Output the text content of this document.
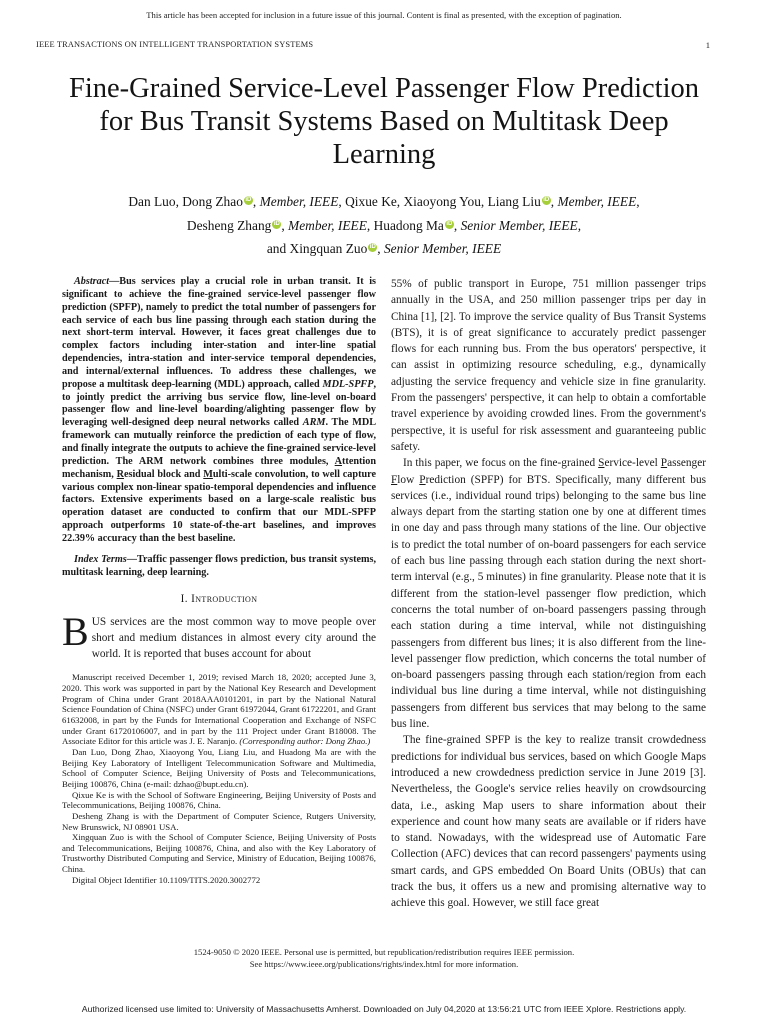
This article has been accepted for inclusion in a future issue of this journal. Content is final as presented, with the exception of pagination.
IEEE TRANSACTIONS ON INTELLIGENT TRANSPORTATION SYSTEMS	1
Fine-Grained Service-Level Passenger Flow Prediction for Bus Transit Systems Based on Multitask Deep Learning
Dan Luo, Dong Zhao iD , Member, IEEE, Qixue Ke, Xiaoyong You, Liang Liu iD , Member, IEEE,
Desheng Zhang iD , Member, IEEE, Huadong Ma iD , Senior Member, IEEE,
and Xingquan Zuo iD , Senior Member, IEEE

Abstract—Bus services play a crucial role in urban transit. It is significant to achieve the fine-grained service-level passenger flow prediction (SPFP), namely to predict the total number of passengers for each service of each bus line passing through each station during the next short-term interval. However, it faces great challenges due to complex factors including inter-station and inter-line spatial dependencies, intra-station and inter-service temporal dependencies, and internal/external influences. To address these challenges, we propose a multitask deep-learning (MDL) approach, called MDL-SPFP, to jointly predict the arriving bus service flow, line-level on-board passenger flow and line-level boarding/alighting passenger flow by leveraging well-designed deep neural networks called ARM. The MDL framework can mutually reinforce the prediction of each type of flow, and finally integrate the outputs to achieve the fine-grained service-level prediction. The ARM network combines three modules, Attention mechanism, Residual block and Multi-scale convolution, to well capture various complex non-linear spatio-temporal dependencies and influence factors. Extensive experiments based on a large-scale realistic bus operation dataset are conducted to confirm that our MDL-SPFP approach outperforms 10 state-of-the-art baselines, and improves 22.39% accuracy than the best baseline.

Index Terms—Traffic passenger flows prediction, bus transit systems, multitask learning, deep learning.

I. Introduction

BUS services are the most common way to move people over short and medium distances in almost every city around the world. It is reported that buses account for about

Manuscript received December 1, 2019; revised March 18, 2020; accepted June 3, 2020. This work was supported in part by the National Key Research and Development Program of China under Grant 2018AAA0101201, in part by the National Natural Science Foundation of China (NSFC) under Grant 61972044, Grant 61722201, and Grant 61632008, in part by the Funds for International Cooperation and Exchange of NSFC under Grant 61720106007, and in part by the 111 Project under Grant B18008. The Associate Editor for this article was J. E. Naranjo. (Corresponding author: Dong Zhao.)

Dan Luo, Dong Zhao, Xiaoyong You, Liang Liu, and Huadong Ma are with the Beijing Key Laboratory of Intelligent Telecommunication Software and Multimedia, School of Computer Science, Beijing University of Posts and Telecommunications, Beijing 100876, China (e-mail: dzhao@bupt.edu.cn).

Qixue Ke is with the School of Software Engineering, Beijing University of Posts and Telecommunications, Beijing 100876, China.

Desheng Zhang is with the Department of Computer Science, Rutgers University, New Brunswick, NJ 08901 USA.

Xingquan Zuo is with the School of Computer Science, Beijing University of Posts and Telecommunications, Beijing 100876, China, and also with the Key Laboratory of Trustworthy Distributed Computing and Service, Ministry of Education, Beijing 100876, China.

Digital Object Identifier 10.1109/TITS.2020.3002772

55% of public transport in Europe, 751 million passenger trips annually in the USA, and 250 million passenger trips per day in China [1], [2]. To improve the service quality of Bus Transit Systems (BTS), it is of great significance to accurately predict passenger flows for each running bus. From the bus operators' perspective, it can assist in optimizing resource scheduling, e.g., dynamically adjusting the service frequency and vehicle size in fine granularity. From the passengers' perspective, it can help to obtain a comfortable travel experience by avoiding crowded lines. From the government's perspective, it is useful for risk assessment and guaranteeing public safety.

In this paper, we focus on the fine-grained Service-level Passenger Flow Prediction (SPFP) for BTS. Specifically, many different bus services (i.e., individual round trips) belonging to the same bus line always depart from the starting station one by one at different times in one day and pass through many stations of the line. Our objective is to predict the total number of on-board passengers for each service of each bus line passing through each station during the next short-term interval (e.g., 5 minutes) in fine granularity. Please note that it is different from the station-level passenger flow prediction, which concerns the total number of on-board passengers passing through each station during a time interval, while not distinguishing passengers from different bus lines; it is also different from the line-level passenger flow prediction, which concerns the total number of on-board passengers passing through each station/region from each individual bus line during a time interval, while not distinguishing passengers from different bus services that may belong to the same bus line.

The fine-grained SPFP is the key to realize transit crowdedness predictions for individual bus services, based on which Google Maps introduced a new crowdedness prediction service in June 2019 [3]. Nevertheless, the Google's service relies heavily on crowdsourcing data, i.e., asking Map users to share information about their experience and count how many seats are available or if riders have to stand. Nowadays, with the widespread use of Automatic Fare Collection (AFC) devices that can record passengers' payments using smart cards, and GPS embedded On Board Units (OBUs) that can track the bus, it offers us a new and promising alternative way to achieve this goal. However, we still face great

1524-9050 © 2020 IEEE. Personal use is permitted, but republication/redistribution requires IEEE permission.
See https://www.ieee.org/publications/rights/index.html for more information.
Authorized licensed use limited to: University of Massachusetts Amherst. Downloaded on July 04,2020 at 13:56:21 UTC from IEEE Xplore. Restrictions apply.
